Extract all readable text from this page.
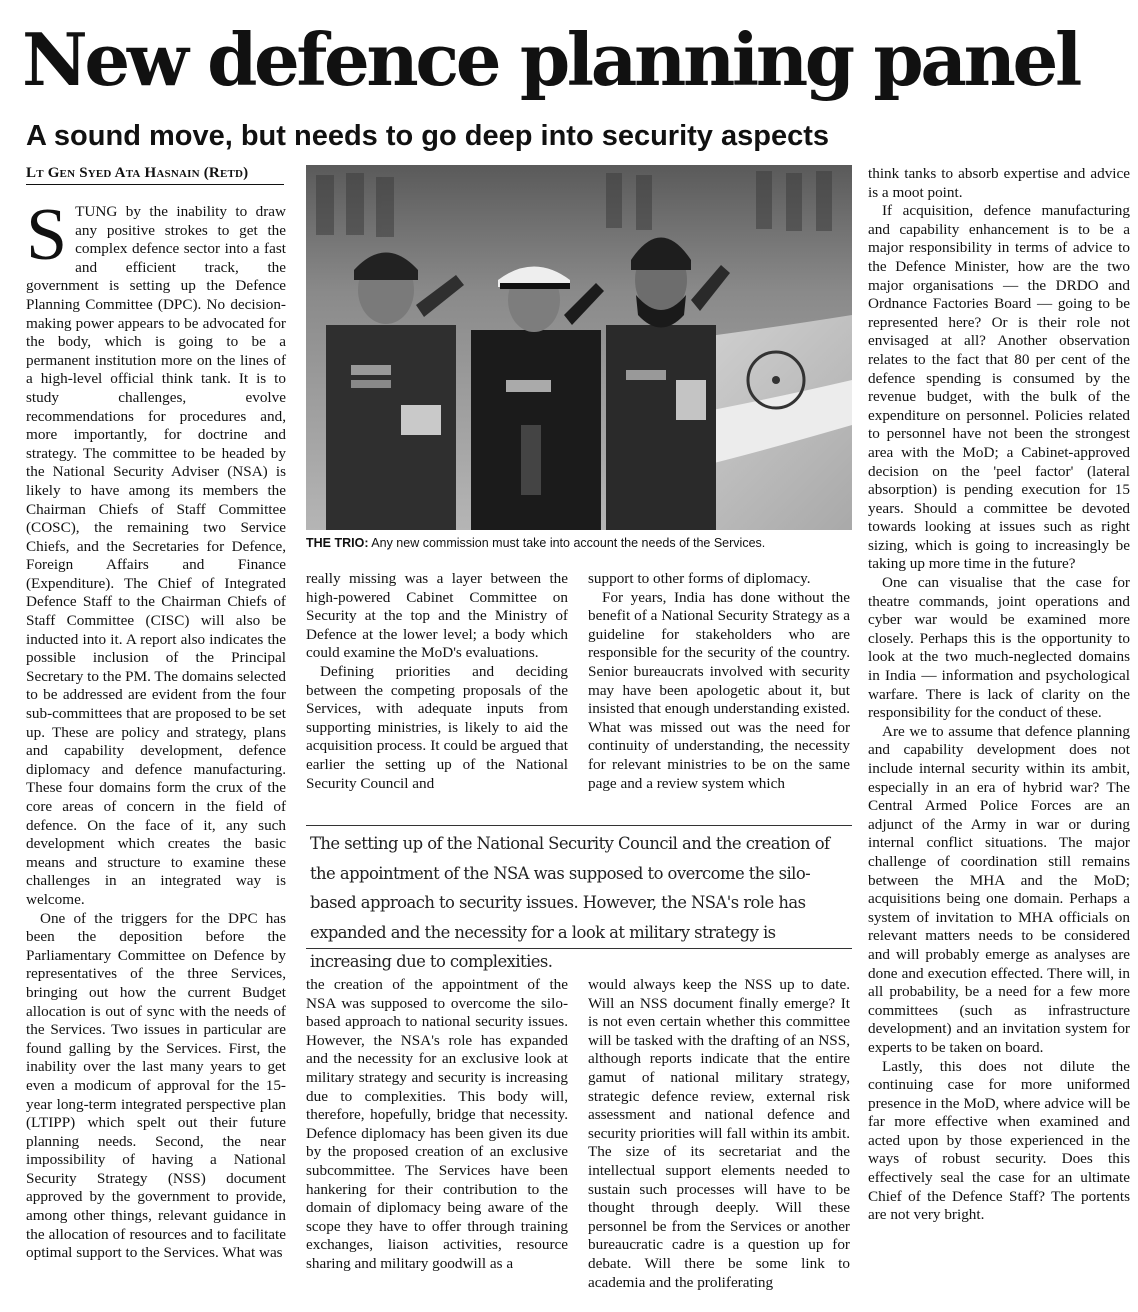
New defence planning panel
A sound move, but needs to go deep into security aspects
Lt Gen Syed Ata Hasnain (Retd)

STUNG by the inability to draw any positive strokes to get the complex defence sector into a fast and efficient track, the government is setting up the Defence Planning Committee (DPC). No decision-making power appears to be advocated for the body, which is going to be a permanent institution more on the lines of a high-level official think tank. It is to study challenges, evolve recommendations for procedures and, more importantly, for doctrine and strategy. The committee to be headed by the National Security Adviser (NSA) is likely to have among its members the Chairman Chiefs of Staff Committee (COSC), the remaining two Service Chiefs, and the Secretaries for Defence, Foreign Affairs and Finance (Expenditure). The Chief of Integrated Defence Staff to the Chairman Chiefs of Staff Committee (CISC) will also be inducted into it. A report also indicates the possible inclusion of the Principal Secretary to the PM. The domains selected to be addressed are evident from the four sub-committees that are proposed to be set up. These are policy and strategy, plans and capability development, defence diplomacy and defence manufacturing. These four domains form the crux of the core areas of concern in the field of defence. On the face of it, any such development which creates the basic means and structure to examine these challenges in an integrated way is welcome.

One of the triggers for the DPC has been the deposition before the Parliamentary Committee on Defence by representatives of the three Services, bringing out how the current Budget allocation is out of sync with the needs of the Services. Two issues in particular are found galling by the Services. First, the inability over the last many years to get even a modicum of approval for the 15-year long-term integrated perspective plan (LTIPP) which spelt out their future planning needs. Second, the near impossibility of having a National Security Strategy (NSS) document approved by the government to provide, among other things, relevant guidance in the allocation of resources and to facilitate optimal support to the Services. What was

THE TRIO: Any new commission must take into account the needs of the Services.

really missing was a layer between the high-powered Cabinet Committee on Security at the top and the Ministry of Defence at the lower level; a body which could examine the MoD's evaluations.

Defining priorities and deciding between the competing proposals of the Services, with adequate inputs from supporting ministries, is likely to aid the acquisition process. It could be argued that earlier the setting up of the National Security Council and

support to other forms of diplomacy.

For years, India has done without the benefit of a National Security Strategy as a guideline for stakeholders who are responsible for the security of the country. Senior bureaucrats involved with security may have been apologetic about it, but insisted that enough understanding existed. What was missed out was the need for continuity of understanding, the necessity for relevant ministries to be on the same page and a review system which

The setting up of the National Security Council and the creation of the appointment of the NSA was supposed to overcome the silo-based approach to security issues. However, the NSA's role has expanded and the necessity for a look at military strategy is increasing due to complexities.

the creation of the appointment of the NSA was supposed to overcome the silo-based approach to national security issues. However, the NSA's role has expanded and the necessity for an exclusive look at military strategy and security is increasing due to complexities. This body will, therefore, hopefully, bridge that necessity. Defence diplomacy has been given its due by the proposed creation of an exclusive subcommittee. The Services have been hankering for their contribution to the domain of diplomacy being aware of the scope they have to offer through training exchanges, liaison activities, resource sharing and military goodwill as a

would always keep the NSS up to date. Will an NSS document finally emerge? It is not even certain whether this committee will be tasked with the drafting of an NSS, although reports indicate that the entire gamut of national military strategy, strategic defence review, external risk assessment and national defence and security priorities will fall within its ambit. The size of its secretariat and the intellectual support elements needed to sustain such processes will have to be thought through deeply. Will these personnel be from the Services or another bureaucratic cadre is a question up for debate. Will there be some link to academia and the proliferating

think tanks to absorb expertise and advice is a moot point.

If acquisition, defence manufacturing and capability enhancement is to be a major responsibility in terms of advice to the Defence Minister, how are the two major organisations — the DRDO and Ordnance Factories Board — going to be represented here? Or is their role not envisaged at all? Another observation relates to the fact that 80 per cent of the defence spending is consumed by the revenue budget, with the bulk of the expenditure on personnel. Policies related to personnel have not been the strongest area with the MoD; a Cabinet-approved decision on the 'peel factor' (lateral absorption) is pending execution for 15 years. Should a committee be devoted towards looking at issues such as right sizing, which is going to increasingly be taking up more time in the future?

One can visualise that the case for theatre commands, joint operations and cyber war would be examined more closely. Perhaps this is the opportunity to look at the two much-neglected domains in India — information and psychological warfare. There is lack of clarity on the responsibility for the conduct of these.

Are we to assume that defence planning and capability development does not include internal security within its ambit, especially in an era of hybrid war? The Central Armed Police Forces are an adjunct of the Army in war or during internal conflict situations. The major challenge of coordination still remains between the MHA and the MoD; acquisitions being one domain. Perhaps a system of invitation to MHA officials on relevant matters needs to be considered and will probably emerge as analyses are done and execution effected. There will, in all probability, be a need for a few more committees (such as infrastructure development) and an invitation system for experts to be taken on board.

Lastly, this does not dilute the continuing case for more uniformed presence in the MoD, where advice will be far more effective when examined and acted upon by those experienced in the ways of robust security. Does this effectively seal the case for an ultimate Chief of the Defence Staff? The portents are not very bright.
